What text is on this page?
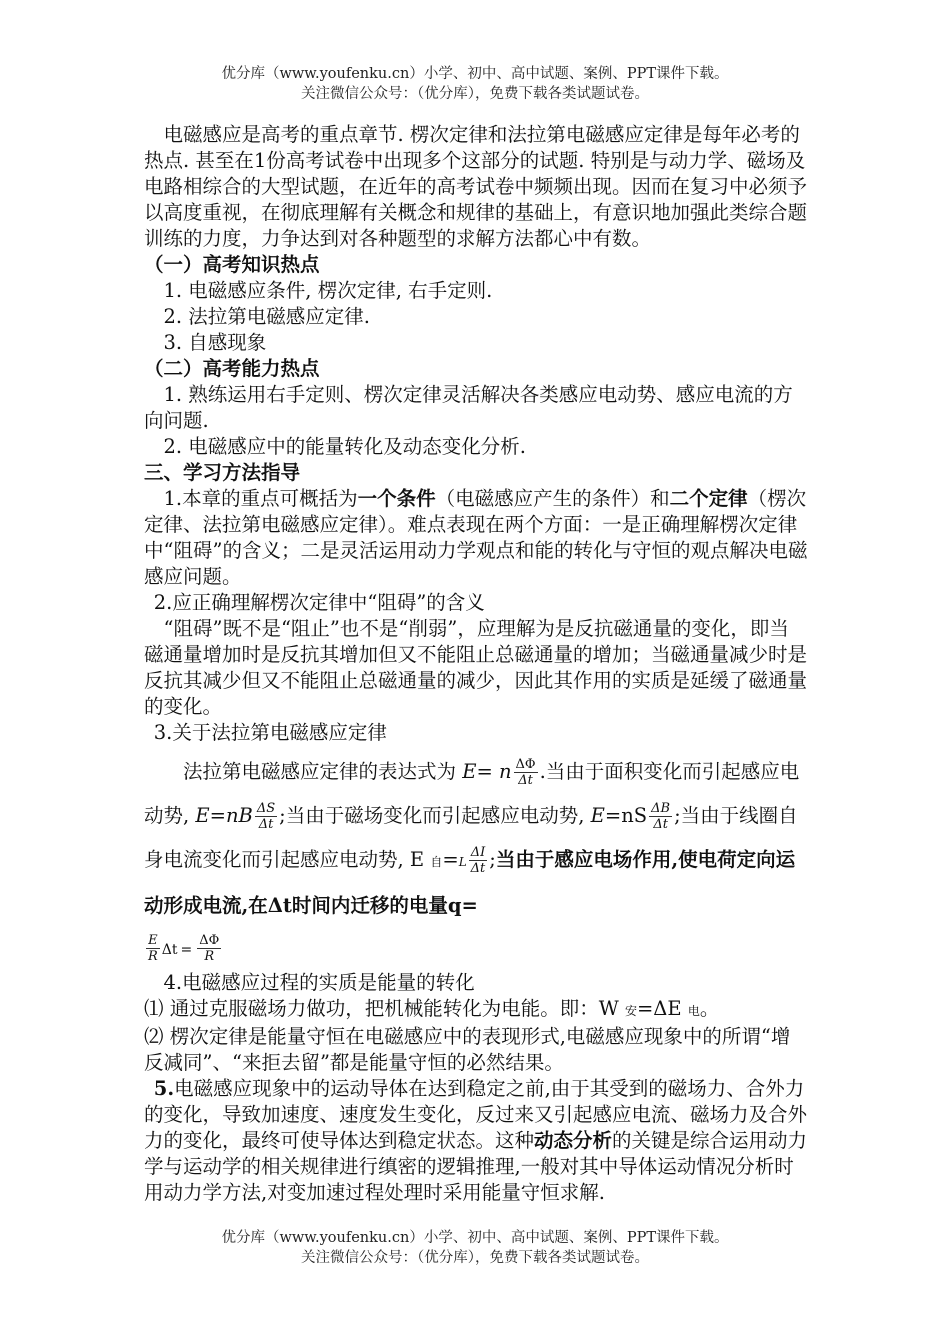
优分库（www.youfenku.cn）小学、初中、高中试题、案例、PPT课件下载。
关注微信公众号：（优分库），免费下载各类试题试卷。

电磁感应是高考的重点章节. 楞次定律和法拉第电磁感应定律是每年必考的热点. 甚至在1份高考试卷中出现多个这部分的试题. 特别是与动力学、磁场及电路相综合的大型试题，在近年的高考试卷中频频出现。因而在复习中必须予以高度重视，在彻底理解有关概念和规律的基础上，有意识地加强此类综合题训练的力度，力争达到对各种题型的求解方法都心中有数。

（一）高考知识热点

1. 电磁感应条件, 楞次定律, 右手定则.

2. 法拉第电磁感应定律.

3. 自感现象

（二）高考能力热点

1. 熟练运用右手定则、楞次定律灵活解决各类感应电动势、感应电流的方向问题.

2. 电磁感应中的能量转化及动态变化分析.

三、学习方法指导

1.本章的重点可概括为一个条件（电磁感应产生的条件）和二个定律（楞次定律、法拉第电磁感应定律）。难点表现在两个方面：一是正确理解楞次定律中“阻碍”的含义；二是灵活运用动力学观点和能的转化与守恒的观点解决电磁感应问题。

2.应正确理解楞次定律中“阻碍”的含义

“阻碍”既不是“阻止”也不是“削弱”，应理解为是反抗磁通量的变化，即当磁通量增加时是反抗其增加但又不能阻止总磁通量的增加；当磁通量减少时是反抗其减少但又不能阻止总磁通量的减少，因此其作用的实质是延缓了磁通量的变化。

3.关于法拉第电磁感应定律

法拉第电磁感应定律的表达式为 E= n $\frac{\Delta\Phi}{\Delta t}$ .当由于面积变化而引起感应电动势, $E=nB \frac{\Delta S}{\Delta t}$ ;当由于磁场变化而引起感应电动势, $E=nS \frac{\Delta B}{\Delta t}$ ;当由于线圈自身电流变化而引起感应电动势, E 自$=L \frac{\Delta I}{\Delta t}$ ;当由于感应电场作用,使电荷定向运动形成电流,在Δt时间内迁移的电量q=

$\frac{E}{R}$ $\Delta t = \frac{\Delta\Phi}{R}$

4.电磁感应过程的实质是能量的转化

⑴ 通过克服磁场力做功，把机械能转化为电能。即：W 安=ΔE 电。

⑵ 楞次定律是能量守恒在电磁感应中的表现形式,电磁感应现象中的所谓“增反减同”、“来拒去留”都是能量守恒的必然结果。

5.电磁感应现象中的运动导体在达到稳定之前,由于其受到的磁场力、合外力的变化，导致加速度、速度发生变化，反过来又引起感应电流、磁场力及合外力的变化，最终可使导体达到稳定状态。这种动态分析的关键是综合运用动力学与运动学的相关规律进行缜密的逻辑推理,一般对其中导体运动情况分析时用动力学方法,对变加速过程处理时采用能量守恒求解.

优分库（www.youfenku.cn）小学、初中、高中试题、案例、PPT课件下载。
关注微信公众号：（优分库），免费下载各类试题试卷。
